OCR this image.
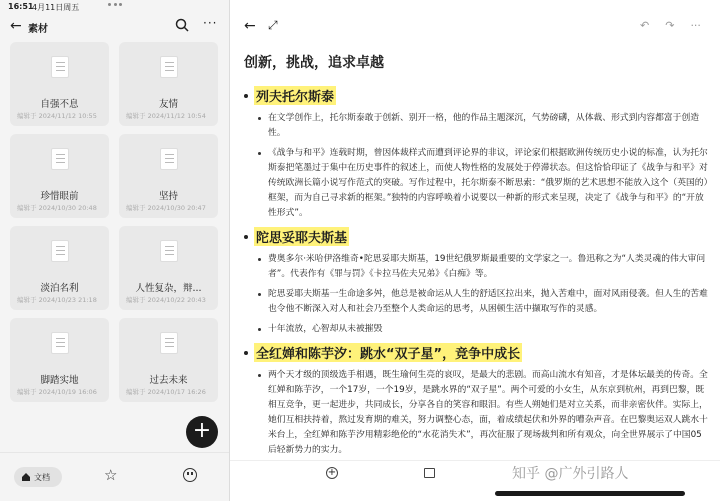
← 素材	···
自强不息
编辑于 2024/11/12 10:55
友情
编辑于 2024/11/12 10:54
珍惜眼前
编辑于 2024/10/30 20:48
坚持
编辑于 2024/10/30 20:47
淡泊名利
编辑于 2024/10/23 21:18
人性复杂，辩...
编辑于 2024/10/22 20:43
脚踏实地
编辑于 2024/10/19 16:06
过去未来
编辑于 2024/10/17 16:26
+
文档	☆
16:51
4月11日周五
← ⤢	↶ ↷ ···
创新，挑战，追求卓越
列夫托尔斯泰
在文学创作上，托尔斯泰敢于创新、别开一格，他的作品主题深沉，气势磅礴，从体裁、形式到内容都富于创造性。
《战争与和平》连载时期，曾因体裁样式而遭到评论界的非议，评论家们根据欧洲传统历史小说的标准，认为托尔斯泰把笔墨过于集中在历史事件的叙述上，而使人物性格的发展处于停滞状态。但这恰恰印证了《战争与和平》对传统欧洲长篇小说写作范式的突破。写作过程中，托尔斯泰不断思索：“俄罗斯的艺术思想不能放入这个（英国的）框架，而为自己寻求新的框架。”独特的内容呼唤着小说要以一种新的形式来呈现，决定了《战争与和平》的“开放性形式”。
陀思妥耶夫斯基
费奥多尔·米哈伊洛维奇•陀思妥耶夫斯基，19世纪俄罗斯最重要的文学家之一。鲁迅称之为“人类灵魂的伟大审问者”。代表作有《罪与罚》《卡拉马佐夫兄弟》《白痴》等。
陀思妥耶夫斯基一生命途多舛，他总是被命运从人生的舒适区拉出来，抛入苦难中，面对风雨侵袭。但人生的苦难也令他不断深入对人和社会乃至整个人类命运的思考，从困顿生活中撷取写作的灵感。
十年流放，心智却从未被摧毁
全红婵和陈芋汐：跳水“双子星”，竞争中成长
两个天才级的顶级选手相遇，既生瑜何生亮的哀叹，是最大的悲剧。而高山流水有知音，才是体坛最美的传奇。全红婵和陈芋汐，一个17岁，一个19岁，是跳水界的“双子星”。两个可爱的小女生，从东京到杭州，再到巴黎，既相互竞争，更一起进步，共同成长，分享各自的笑容和眼泪。有些人朔她们是对立关系，而非亲密伙伴。实际上，她们互相扶持着，熬过发育期的难关，努力调整心态，面，着成绩起伏和外界的嘈杂声音。在巴黎奥运双人跳水十米台上，全红婵和陈芋汐用精彩绝伦的“水花消失术”，再次征服了现场裁判和所有观众，向全世界展示了中国05后轻新势力的实力。
+	知乎 @广外引路人
